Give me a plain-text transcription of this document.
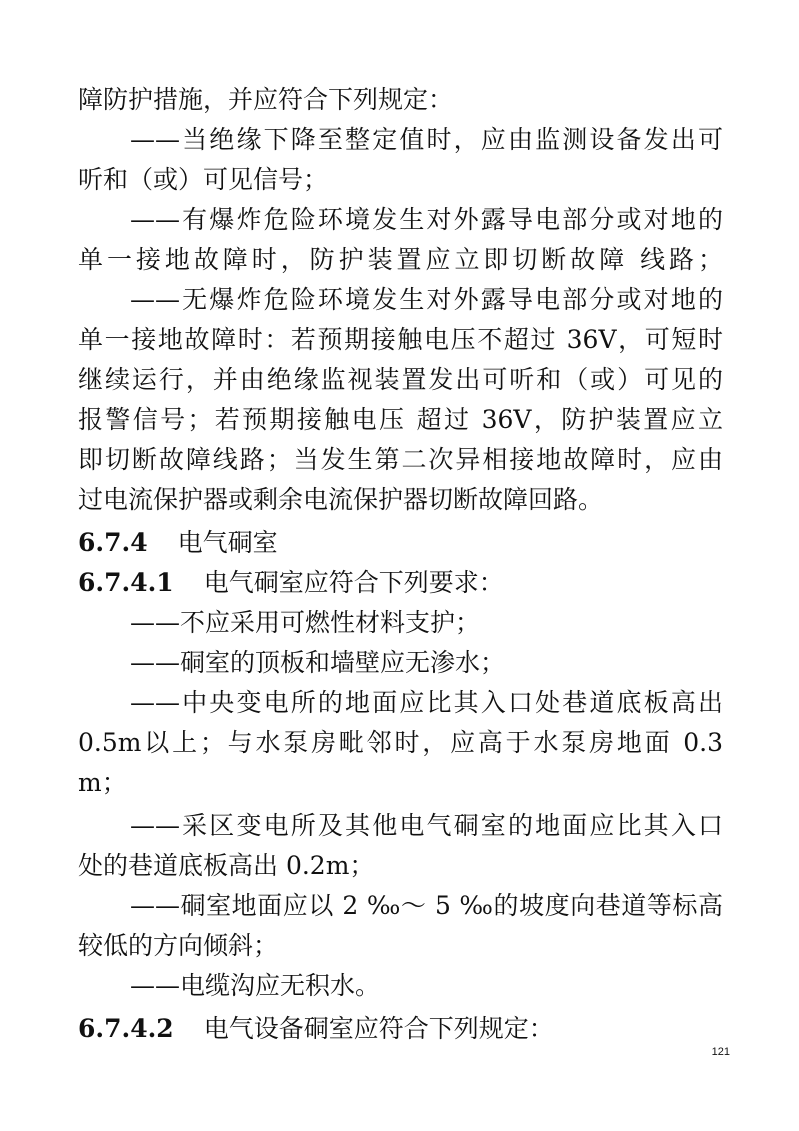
障防护措施，并应符合下列规定：
——当绝缘下降至整定值时，应由监测设备发出可
听和（或）可见信号；
——有爆炸危险环境发生对外露导电部分或对地的
单一接地故障时，防护装置应立即切断故障 线路；
——无爆炸危险环境发生对外露导电部分或对地的
单一接地故障时：若预期接触电压不超过 36V，可短时
继续运行，并由绝缘监视装置发出可听和（或）可见的
报警信号；若预期接触电压 超过 36V，防护装置应立
即切断故障线路；当发生第二次异相接地故障时，应由
过电流保护器或剩余电流保护器切断故障回路。
6.7.4 电气硐室
6.7.4.1 电气硐室应符合下列要求：
——不应采用可燃性材料支护；
——硐室的顶板和墙壁应无渗水；
——中央变电所的地面应比其入口处巷道底板高出
0.5m以上；与水泵房毗邻时，应高于水泵房地面 0.3
m；
——采区变电所及其他电气硐室的地面应比其入口
处的巷道底板高出 0.2m；
——硐室地面应以 2 ‰～ 5 ‰的坡度向巷道等标高
较低的方向倾斜；
——电缆沟应无积水。
6.7.4.2 电气设备硐室应符合下列规定：
121
